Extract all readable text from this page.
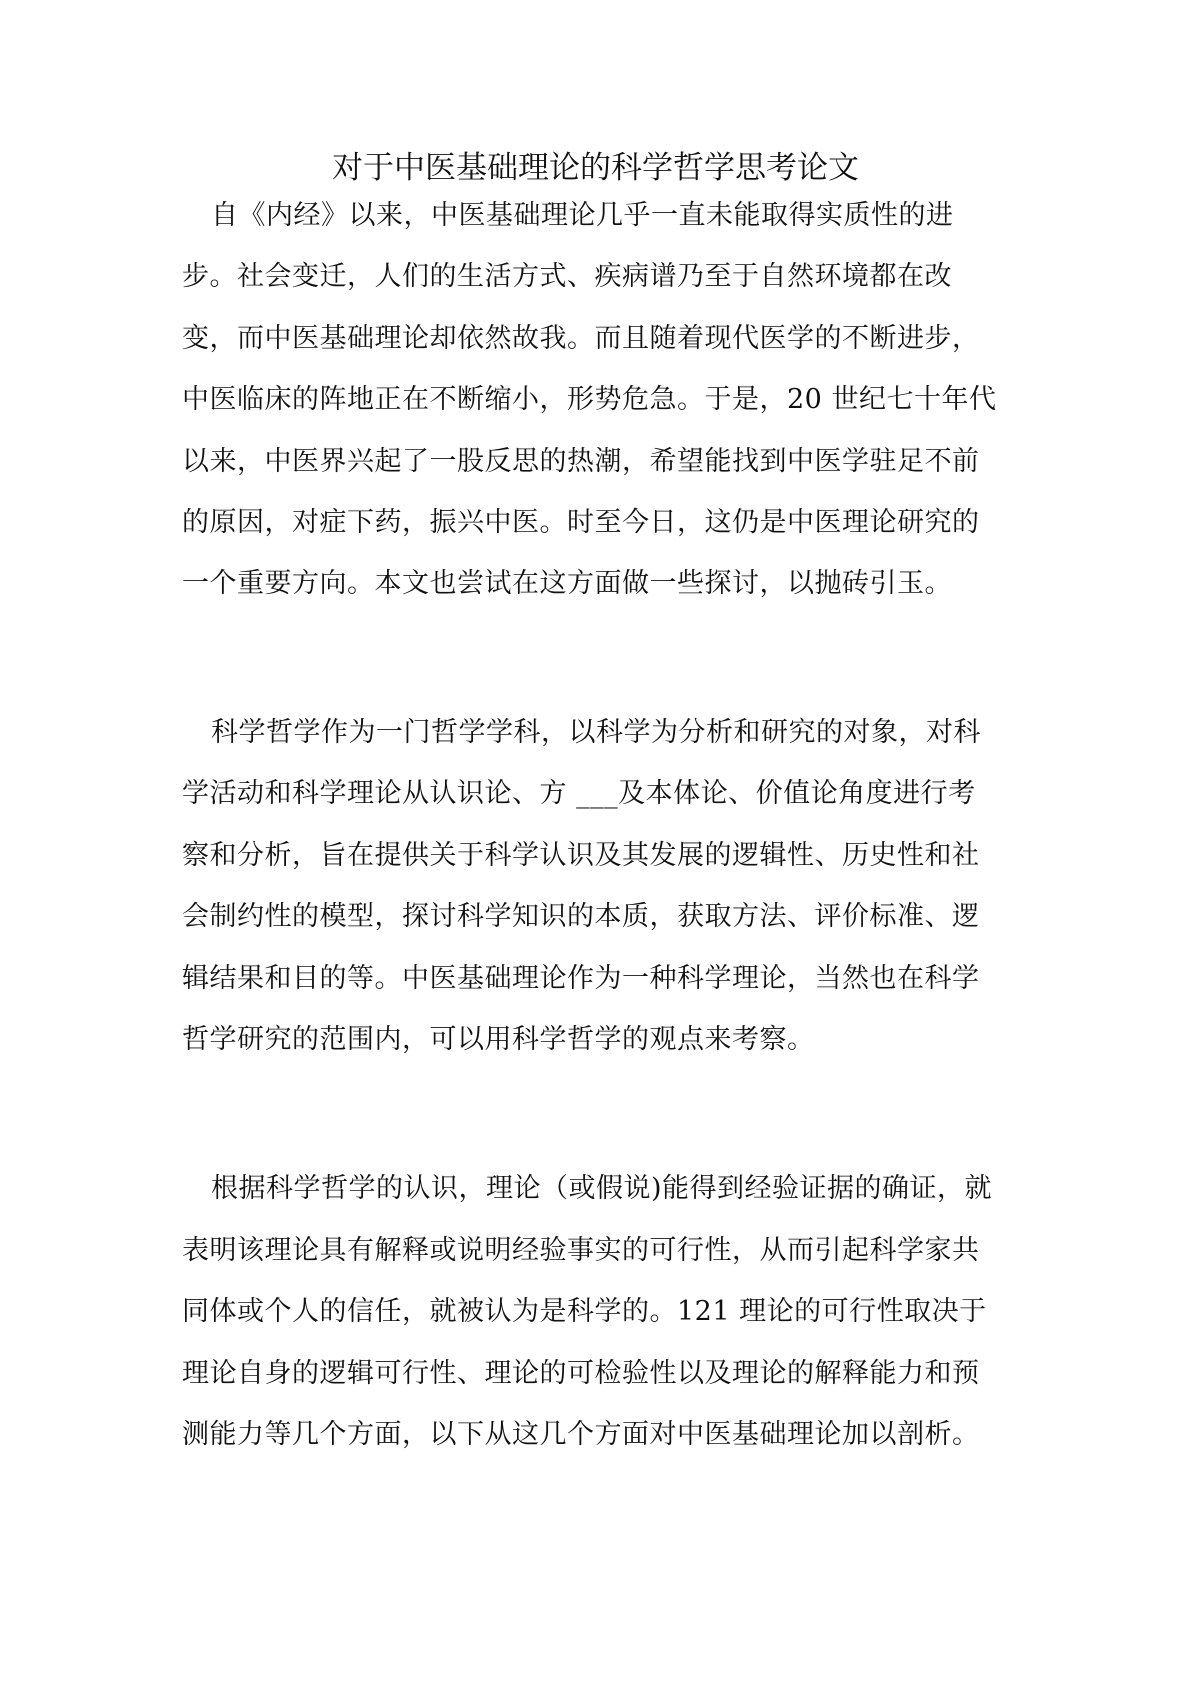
对于中医基础理论的科学哲学思考论文
自《内经》以来，中医基础理论几乎一直未能取得实质性的进
步。社会变迁，人们的生活方式、疾病谱乃至于自然环境都在改
变，而中医基础理论却依然故我。而且随着现代医学的不断进步，
中医临床的阵地正在不断缩小，形势危急。于是，20 世纪七十年代
以来，中医界兴起了一股反思的热潮，希望能找到中医学驻足不前
的原因，对症下药，振兴中医。时至今日，这仍是中医理论研究的
一个重要方向。本文也尝试在这方面做一些探讨，以抛砖引玉。
科学哲学作为一门哲学学科，以科学为分析和研究的对象，对科
学活动和科学理论从认识论、方 ___及本体论、价值论角度进行考
察和分析，旨在提供关于科学认识及其发展的逻辑性、历史性和社
会制约性的模型，探讨科学知识的本质，获取方法、评价标准、逻
辑结果和目的等。中医基础理论作为一种科学理论，当然也在科学
哲学研究的范围内，可以用科学哲学的观点来考察。
根据科学哲学的认识，理论（或假说)能得到经验证据的确证，就
表明该理论具有解释或说明经验事实的可行性，从而引起科学家共
同体或个人的信任，就被认为是科学的。121 理论的可行性取决于
理论自身的逻辑可行性、理论的可检验性以及理论的解释能力和预
测能力等几个方面，以下从这几个方面对中医基础理论加以剖析。
